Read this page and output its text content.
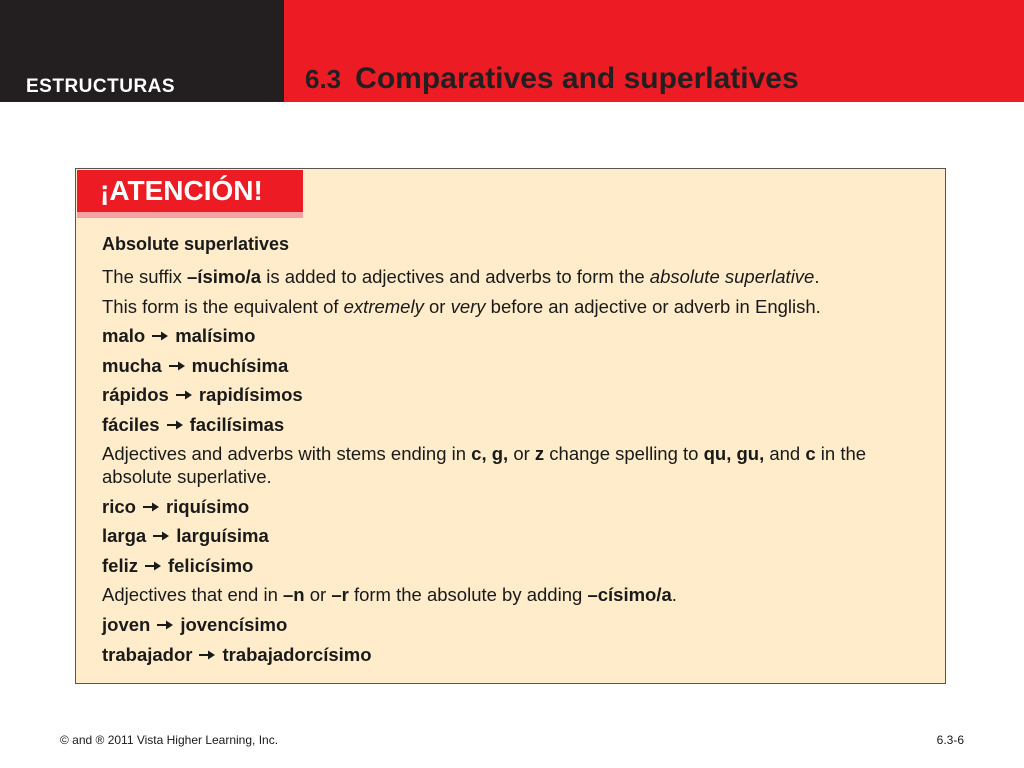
ESTRUCTURAS	6.3 Comparatives and superlatives
¡ATENCIÓN!
Absolute superlatives
The suffix –ísimo/a is added to adjectives and adverbs to form the absolute superlative.
This form is the equivalent of extremely or very before an adjective or adverb in English.
malo malísimo
mucha muchísima
rápidos rapidísimos
fáciles facilísimas
Adjectives and adverbs with stems ending in c, g, or z change spelling to qu, gu, and c in the absolute superlative.
rico riquísimo
larga larguísima
feliz felicísimo
Adjectives that end in –n or –r form the absolute by adding –císimo/a.
joven jovencísimo
trabajador trabajadorcísimo
© and ® 2011 Vista Higher Learning, Inc.	6.3-6
